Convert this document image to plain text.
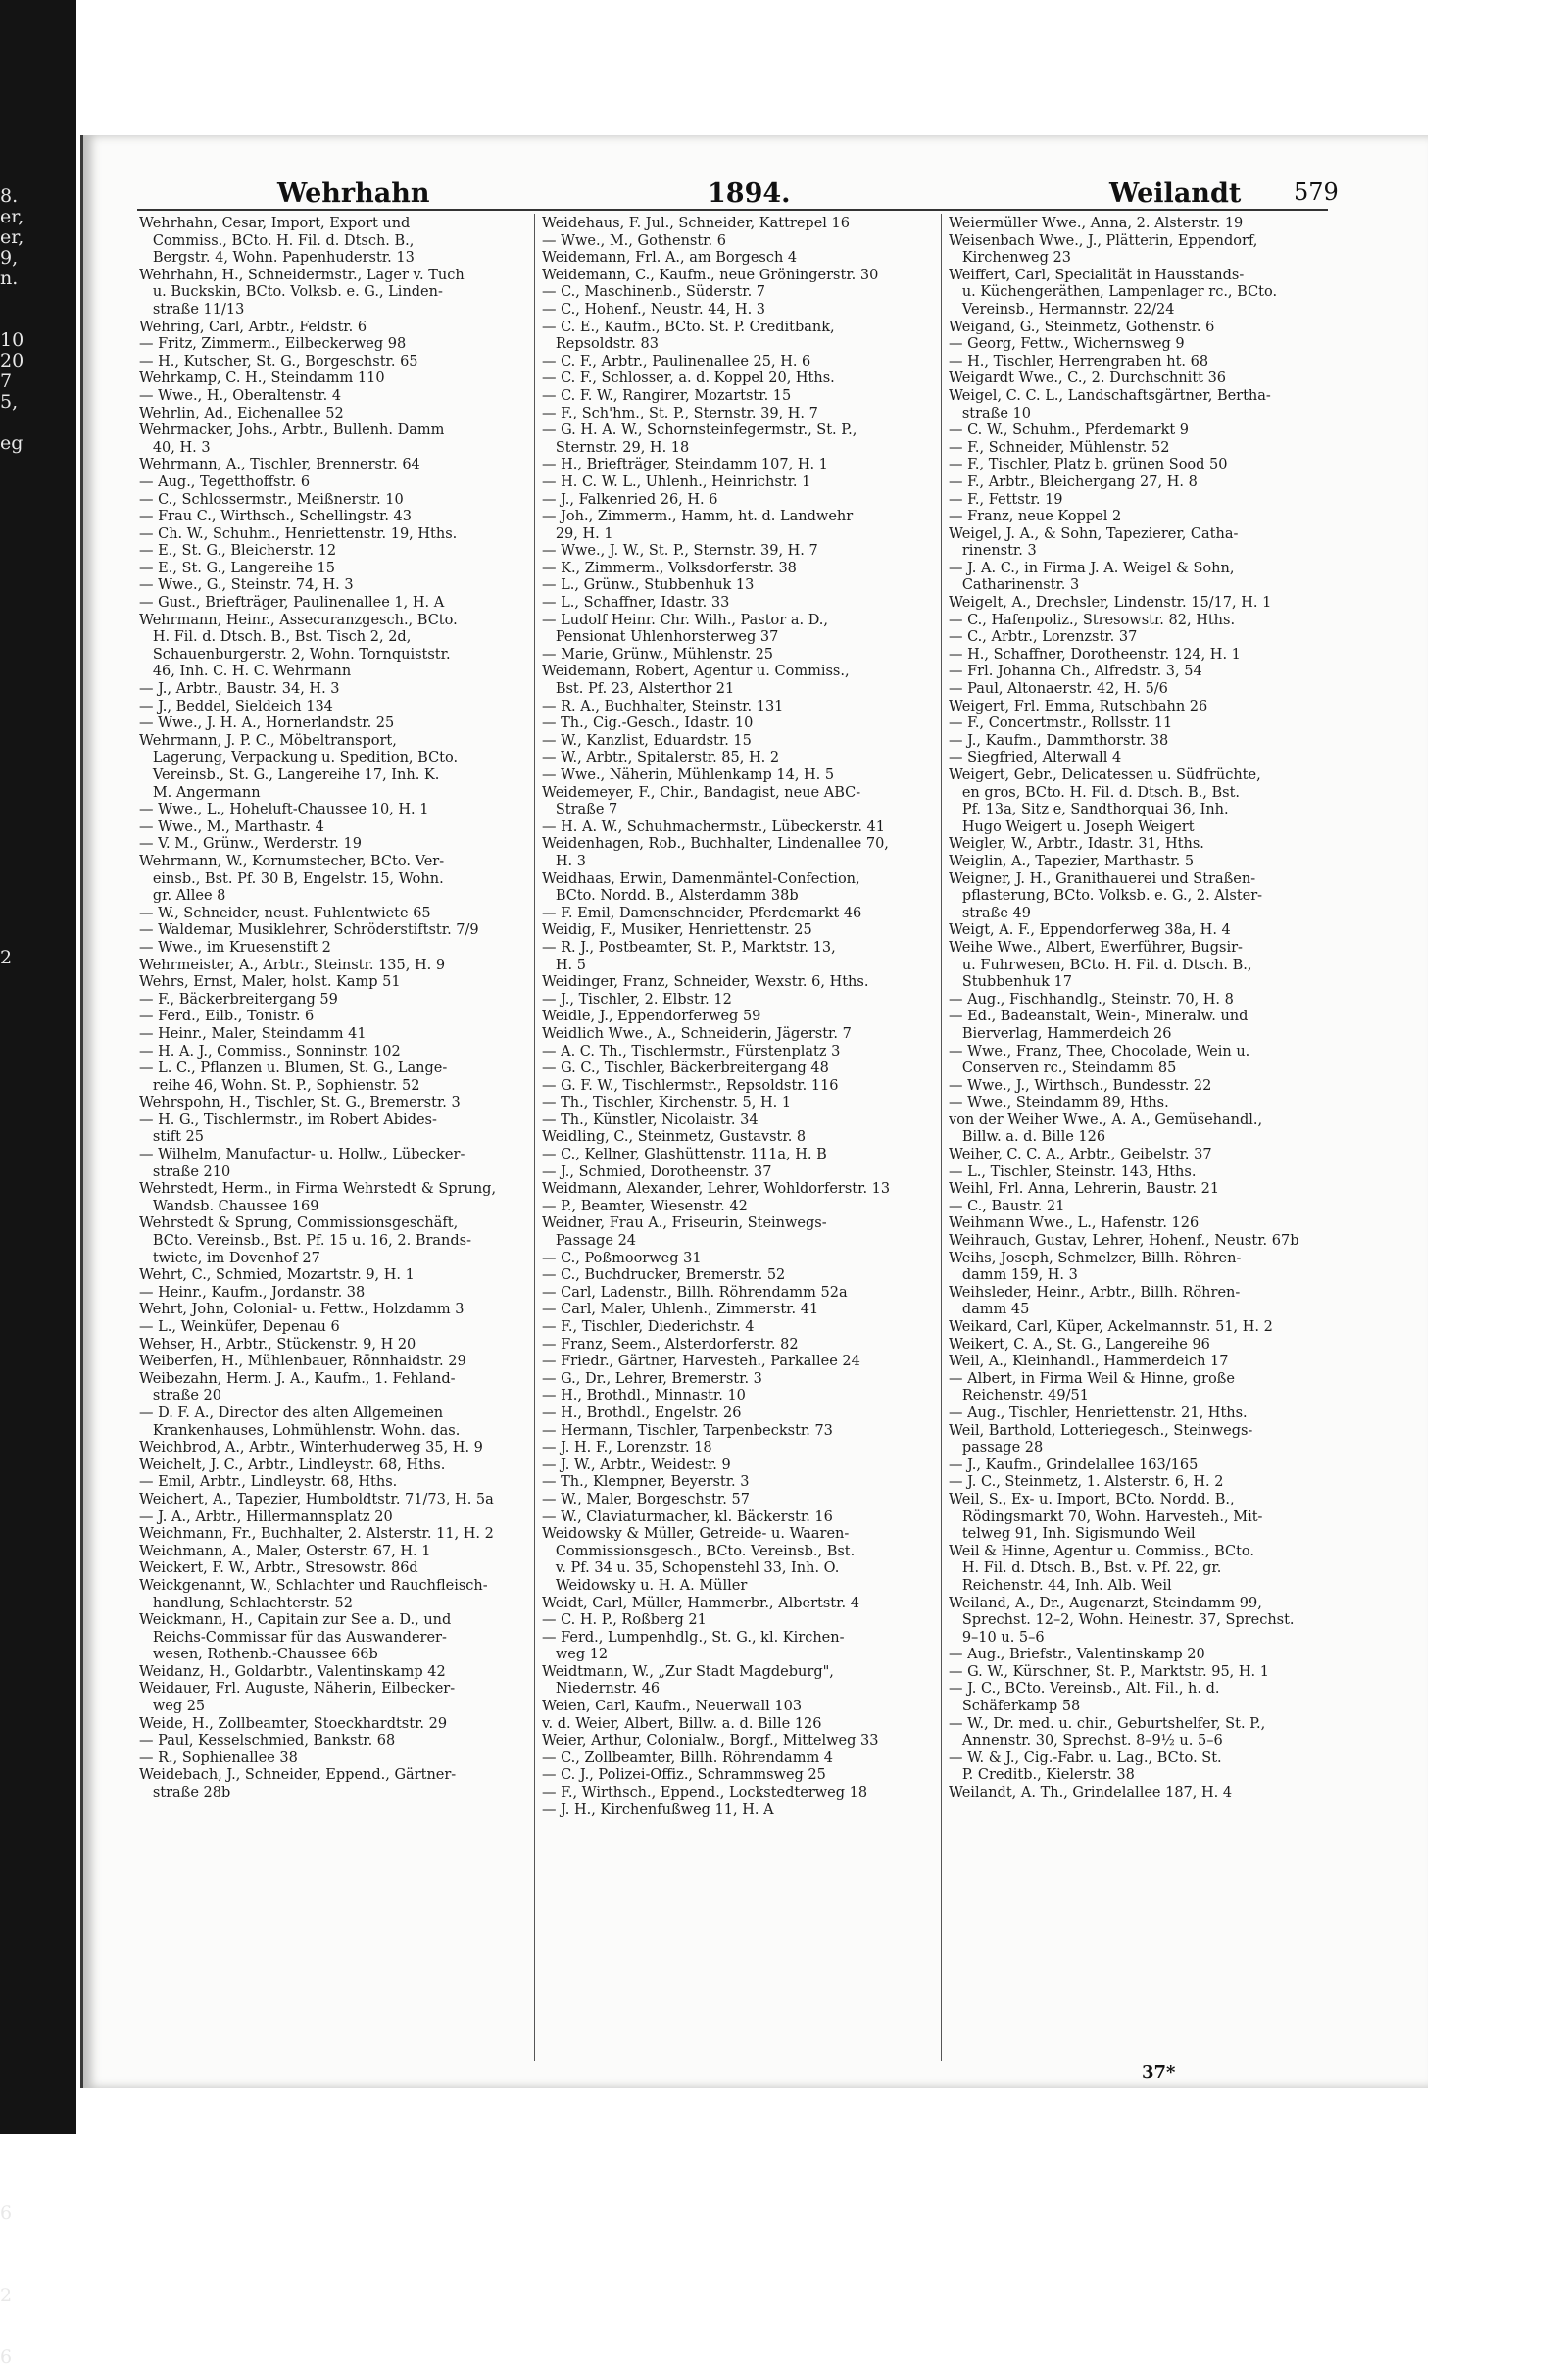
8.
er,
er,
9,
n.
10
20
7
5,
eg
2
6
2
6
Wehrhahn	1894.	Weilandt 579
Wehrhahn, Cesar, Import, Export und
Commiss., BCto. H. Fil. d. Dtsch. B.,
Bergstr. 4, Wohn. Papenhuderstr. 13
Wehrhahn, H., Schneidermstr., Lager v. Tuch
u. Buckskin, BCto. Volksb. e. G., Linden-
straße 11/13
Wehring, Carl, Arbtr., Feldstr. 6
— Fritz, Zimmerm., Eilbeckerweg 98
— H., Kutscher, St. G., Borgeschstr. 65
Wehrkamp, C. H., Steindamm 110
— Wwe., H., Oberaltenstr. 4
Wehrlin, Ad., Eichenallee 52
Wehrmacker, Johs., Arbtr., Bullenh. Damm
40, H. 3
Wehrmann, A., Tischler, Brennerstr. 64
— Aug., Tegetthoffstr. 6
— C., Schlossermstr., Meißnerstr. 10
— Frau C., Wirthsch., Schellingstr. 43
— Ch. W., Schuhm., Henriettenstr. 19, Hths.
— E., St. G., Bleicherstr. 12
— E., St. G., Langereihe 15
— Wwe., G., Steinstr. 74, H. 3
— Gust., Briefträger, Paulinenallee 1, H. A
Wehrmann, Heinr., Assecuranzgesch., BCto.
H. Fil. d. Dtsch. B., Bst. Tisch 2, 2d,
Schauenburgerstr. 2, Wohn. Tornquiststr.
46, Inh. C. H. C. Wehrmann
— J., Arbtr., Baustr. 34, H. 3
— J., Beddel, Sieldeich 134
— Wwe., J. H. A., Hornerlandstr. 25
Wehrmann, J. P. C., Möbeltransport,
Lagerung, Verpackung u. Spedition, BCto.
Vereinsb., St. G., Langereihe 17, Inh. K.
M. Angermann
— Wwe., L., Hoheluft-Chaussee 10, H. 1
— Wwe., M., Marthastr. 4
— V. M., Grünw., Werderstr. 19
Wehrmann, W., Kornumstecher, BCto. Ver-
einsb., Bst. Pf. 30 B, Engelstr. 15, Wohn.
gr. Allee 8
— W., Schneider, neust. Fuhlentwiete 65
— Waldemar, Musiklehrer, Schröderstiftstr. 7/9
— Wwe., im Kruesenstift 2
Wehrmeister, A., Arbtr., Steinstr. 135, H. 9
Wehrs, Ernst, Maler, holst. Kamp 51
— F., Bäckerbreitergang 59
— Ferd., Eilb., Tonistr. 6
— Heinr., Maler, Steindamm 41
— H. A. J., Commiss., Sonninstr. 102
— L. C., Pflanzen u. Blumen, St. G., Lange-
reihe 46, Wohn. St. P., Sophienstr. 52
Wehrspohn, H., Tischler, St. G., Bremerstr. 3
— H. G., Tischlermstr., im Robert Abides-
stift 25
— Wilhelm, Manufactur- u. Hollw., Lübecker-
straße 210
Wehrstedt, Herm., in Firma Wehrstedt & Sprung,
Wandsb. Chaussee 169
Wehrstedt & Sprung, Commissionsgeschäft,
BCto. Vereinsb., Bst. Pf. 15 u. 16, 2. Brands-
twiete, im Dovenhof 27
Wehrt, C., Schmied, Mozartstr. 9, H. 1
— Heinr., Kaufm., Jordanstr. 38
Wehrt, John, Colonial- u. Fettw., Holzdamm 3
— L., Weinküfer, Depenau 6
Wehser, H., Arbtr., Stückenstr. 9, H 20
Weiberfen, H., Mühlenbauer, Rönnhaidstr. 29
Weibezahn, Herm. J. A., Kaufm., 1. Fehland-
straße 20
— D. F. A., Director des alten Allgemeinen
Krankenhauses, Lohmühlenstr. Wohn. das.
Weichbrod, A., Arbtr., Winterhuderweg 35, H. 9
Weichelt, J. C., Arbtr., Lindleystr. 68, Hths.
— Emil, Arbtr., Lindleystr. 68, Hths.
Weichert, A., Tapezier, Humboldtstr. 71/73, H. 5a
— J. A., Arbtr., Hillermannsplatz 20
Weichmann, Fr., Buchhalter, 2. Alsterstr. 11, H. 2
Weichmann, A., Maler, Osterstr. 67, H. 1
Weickert, F. W., Arbtr., Stresowstr. 86d
Weickgenannt, W., Schlachter und Rauchfleisch-
handlung, Schlachterstr. 52
Weickmann, H., Capitain zur See a. D., und
Reichs-Commissar für das Auswanderer-
wesen, Rothenb.-Chaussee 66b
Weidanz, H., Goldarbtr., Valentinskamp 42
Weidauer, Frl. Auguste, Näherin, Eilbecker-
weg 25
Weide, H., Zollbeamter, Stoeckhardtstr. 29
— Paul, Kesselschmied, Bankstr. 68
— R., Sophienallee 38
Weidebach, J., Schneider, Eppend., Gärtner-
straße 28b
Weidehaus, F. Jul., Schneider, Kattrepel 16
— Wwe., M., Gothenstr. 6
Weidemann, Frl. A., am Borgesch 4
Weidemann, C., Kaufm., neue Gröningerstr. 30
— C., Maschinenb., Süderstr. 7
— C., Hohenf., Neustr. 44, H. 3
— C. E., Kaufm., BCto. St. P. Creditbank,
Repsoldstr. 83
— C. F., Arbtr., Paulinenallee 25, H. 6
— C. F., Schlosser, a. d. Koppel 20, Hths.
— C. F. W., Rangirer, Mozartstr. 15
— F., Sch'hm., St. P., Sternstr. 39, H. 7
— G. H. A. W., Schornsteinfegermstr., St. P.,
Sternstr. 29, H. 18
— H., Briefträger, Steindamm 107, H. 1
— H. C. W. L., Uhlenh., Heinrichstr. 1
— J., Falkenried 26, H. 6
— Joh., Zimmerm., Hamm, ht. d. Landwehr
29, H. 1
— Wwe., J. W., St. P., Sternstr. 39, H. 7
— K., Zimmerm., Volksdorferstr. 38
— L., Grünw., Stubbenhuk 13
— L., Schaffner, Idastr. 33
— Ludolf Heinr. Chr. Wilh., Pastor a. D.,
Pensionat Uhlenhorsterweg 37
— Marie, Grünw., Mühlenstr. 25
Weidemann, Robert, Agentur u. Commiss.,
Bst. Pf. 23, Alsterthor 21
— R. A., Buchhalter, Steinstr. 131
— Th., Cig.-Gesch., Idastr. 10
— W., Kanzlist, Eduardstr. 15
— W., Arbtr., Spitalerstr. 85, H. 2
— Wwe., Näherin, Mühlenkamp 14, H. 5
Weidemeyer, F., Chir., Bandagist, neue ABC-
Straße 7
— H. A. W., Schuhmachermstr., Lübeckerstr. 41
Weidenhagen, Rob., Buchhalter, Lindenallee 70,
H. 3
Weidhaas, Erwin, Damenmäntel-Confection,
BCto. Nordd. B., Alsterdamm 38b
— F. Emil, Damenschneider, Pferdemarkt 46
Weidig, F., Musiker, Henriettenstr. 25
— R. J., Postbeamter, St. P., Marktstr. 13,
H. 5
Weidinger, Franz, Schneider, Wexstr. 6, Hths.
— J., Tischler, 2. Elbstr. 12
Weidle, J., Eppendorferweg 59
Weidlich Wwe., A., Schneiderin, Jägerstr. 7
— A. C. Th., Tischlermstr., Fürstenplatz 3
— G. C., Tischler, Bäckerbreitergang 48
— G. F. W., Tischlermstr., Repsoldstr. 116
— Th., Tischler, Kirchenstr. 5, H. 1
— Th., Künstler, Nicolaistr. 34
Weidling, C., Steinmetz, Gustavstr. 8
— C., Kellner, Glashüttenstr. 111a, H. B
— J., Schmied, Dorotheenstr. 37
Weidmann, Alexander, Lehrer, Wohldorferstr. 13
— P., Beamter, Wiesenstr. 42
Weidner, Frau A., Friseurin, Steinwegs-
Passage 24
— C., Poßmoorweg 31
— C., Buchdrucker, Bremerstr. 52
— Carl, Ladenstr., Billh. Röhrendamm 52a
— Carl, Maler, Uhlenh., Zimmerstr. 41
— F., Tischler, Diederichstr. 4
— Franz, Seem., Alsterdorferstr. 82
— Friedr., Gärtner, Harvesteh., Parkallee 24
— G., Dr., Lehrer, Bremerstr. 3
— H., Brothdl., Minnastr. 10
— H., Brothdl., Engelstr. 26
— Hermann, Tischler, Tarpenbeckstr. 73
— J. H. F., Lorenzstr. 18
— J. W., Arbtr., Weidestr. 9
— Th., Klempner, Beyerstr. 3
— W., Maler, Borgeschstr. 57
— W., Claviaturmacher, kl. Bäckerstr. 16
Weidowsky & Müller, Getreide- u. Waaren-
Commissionsgesch., BCto. Vereinsb., Bst.
v. Pf. 34 u. 35, Schopenstehl 33, Inh. O.
Weidowsky u. H. A. Müller
Weidt, Carl, Müller, Hammerbr., Albertstr. 4
— C. H. P., Roßberg 21
— Ferd., Lumpenhdlg., St. G., kl. Kirchen-
weg 12
Weidtmann, W., „Zur Stadt Magdeburg",
Niedernstr. 46
Weien, Carl, Kaufm., Neuerwall 103
v. d. Weier, Albert, Billw. a. d. Bille 126
Weier, Arthur, Colonialw., Borgf., Mittelweg 33
— C., Zollbeamter, Billh. Röhrendamm 4
— C. J., Polizei-Offiz., Schrammsweg 25
— F., Wirthsch., Eppend., Lockstedterweg 18
— J. H., Kirchenfußweg 11, H. A
Weiermüller Wwe., Anna, 2. Alsterstr. 19
Weisenbach Wwe., J., Plätterin, Eppendorf,
Kirchenweg 23
Weiffert, Carl, Specialität in Hausstands-
u. Küchengeräthen, Lampenlager rc., BCto.
Vereinsb., Hermannstr. 22/24
Weigand, G., Steinmetz, Gothenstr. 6
— Georg, Fettw., Wichernsweg 9
— H., Tischler, Herrengraben ht. 68
Weigardt Wwe., C., 2. Durchschnitt 36
Weigel, C. C. L., Landschaftsgärtner, Bertha-
straße 10
— C. W., Schuhm., Pferdemarkt 9
— F., Schneider, Mühlenstr. 52
— F., Tischler, Platz b. grünen Sood 50
— F., Arbtr., Bleichergang 27, H. 8
— F., Fettstr. 19
— Franz, neue Koppel 2
Weigel, J. A., & Sohn, Tapezierer, Catha-
rinenstr. 3
— J. A. C., in Firma J. A. Weigel & Sohn,
Catharinenstr. 3
Weigelt, A., Drechsler, Lindenstr. 15/17, H. 1
— C., Hafenpoliz., Stresowstr. 82, Hths.
— C., Arbtr., Lorenzstr. 37
— H., Schaffner, Dorotheenstr. 124, H. 1
— Frl. Johanna Ch., Alfredstr. 3, 54
— Paul, Altonaerstr. 42, H. 5/6
Weigert, Frl. Emma, Rutschbahn 26
— F., Concertmstr., Rollsstr. 11
— J., Kaufm., Dammthorstr. 38
— Siegfried, Alterwall 4
Weigert, Gebr., Delicatessen u. Südfrüchte,
en gros, BCto. H. Fil. d. Dtsch. B., Bst.
Pf. 13a, Sitz e, Sandthorquai 36, Inh.
Hugo Weigert u. Joseph Weigert
Weigler, W., Arbtr., Idastr. 31, Hths.
Weiglin, A., Tapezier, Marthastr. 5
Weigner, J. H., Granithauerei und Straßen-
pflasterung, BCto. Volksb. e. G., 2. Alster-
straße 49
Weigt, A. F., Eppendorferweg 38a, H. 4
Weihe Wwe., Albert, Ewerführer, Bugsir-
u. Fuhrwesen, BCto. H. Fil. d. Dtsch. B.,
Stubbenhuk 17
— Aug., Fischhandlg., Steinstr. 70, H. 8
— Ed., Badeanstalt, Wein-, Mineralw. und
Bierverlag, Hammerdeich 26
— Wwe., Franz, Thee, Chocolade, Wein u.
Conserven rc., Steindamm 85
— Wwe., J., Wirthsch., Bundesstr. 22
— Wwe., Steindamm 89, Hths.
von der Weiher Wwe., A. A., Gemüsehandl.,
Billw. a. d. Bille 126
Weiher, C. C. A., Arbtr., Geibelstr. 37
— L., Tischler, Steinstr. 143, Hths.
Weihl, Frl. Anna, Lehrerin, Baustr. 21
— C., Baustr. 21
Weihmann Wwe., L., Hafenstr. 126
Weihrauch, Gustav, Lehrer, Hohenf., Neustr. 67b
Weihs, Joseph, Schmelzer, Billh. Röhren-
damm 159, H. 3
Weihsleder, Heinr., Arbtr., Billh. Röhren-
damm 45
Weikard, Carl, Küper, Ackelmannstr. 51, H. 2
Weikert, C. A., St. G., Langereihe 96
Weil, A., Kleinhandl., Hammerdeich 17
— Albert, in Firma Weil & Hinne, große
Reichenstr. 49/51
— Aug., Tischler, Henriettenstr. 21, Hths.
Weil, Barthold, Lotteriegesch., Steinwegs-
passage 28
— J., Kaufm., Grindelallee 163/165
— J. C., Steinmetz, 1. Alsterstr. 6, H. 2
Weil, S., Ex- u. Import, BCto. Nordd. B.,
Rödingsmarkt 70, Wohn. Harvesteh., Mit-
telweg 91, Inh. Sigismundo Weil
Weil & Hinne, Agentur u. Commiss., BCto.
H. Fil. d. Dtsch. B., Bst. v. Pf. 22, gr.
Reichenstr. 44, Inh. Alb. Weil
Weiland, A., Dr., Augenarzt, Steindamm 99,
Sprechst. 12–2, Wohn. Heinestr. 37, Sprechst.
9–10 u. 5–6
— Aug., Briefstr., Valentinskamp 20
— G. W., Kürschner, St. P., Marktstr. 95, H. 1
— J. C., BCto. Vereinsb., Alt. Fil., h. d.
Schäferkamp 58
— W., Dr. med. u. chir., Geburtshelfer, St. P.,
Annenstr. 30, Sprechst. 8–9½ u. 5–6
— W. & J., Cig.-Fabr. u. Lag., BCto. St.
P. Creditb., Kielerstr. 38
Weilandt, A. Th., Grindelallee 187, H. 4
37*
